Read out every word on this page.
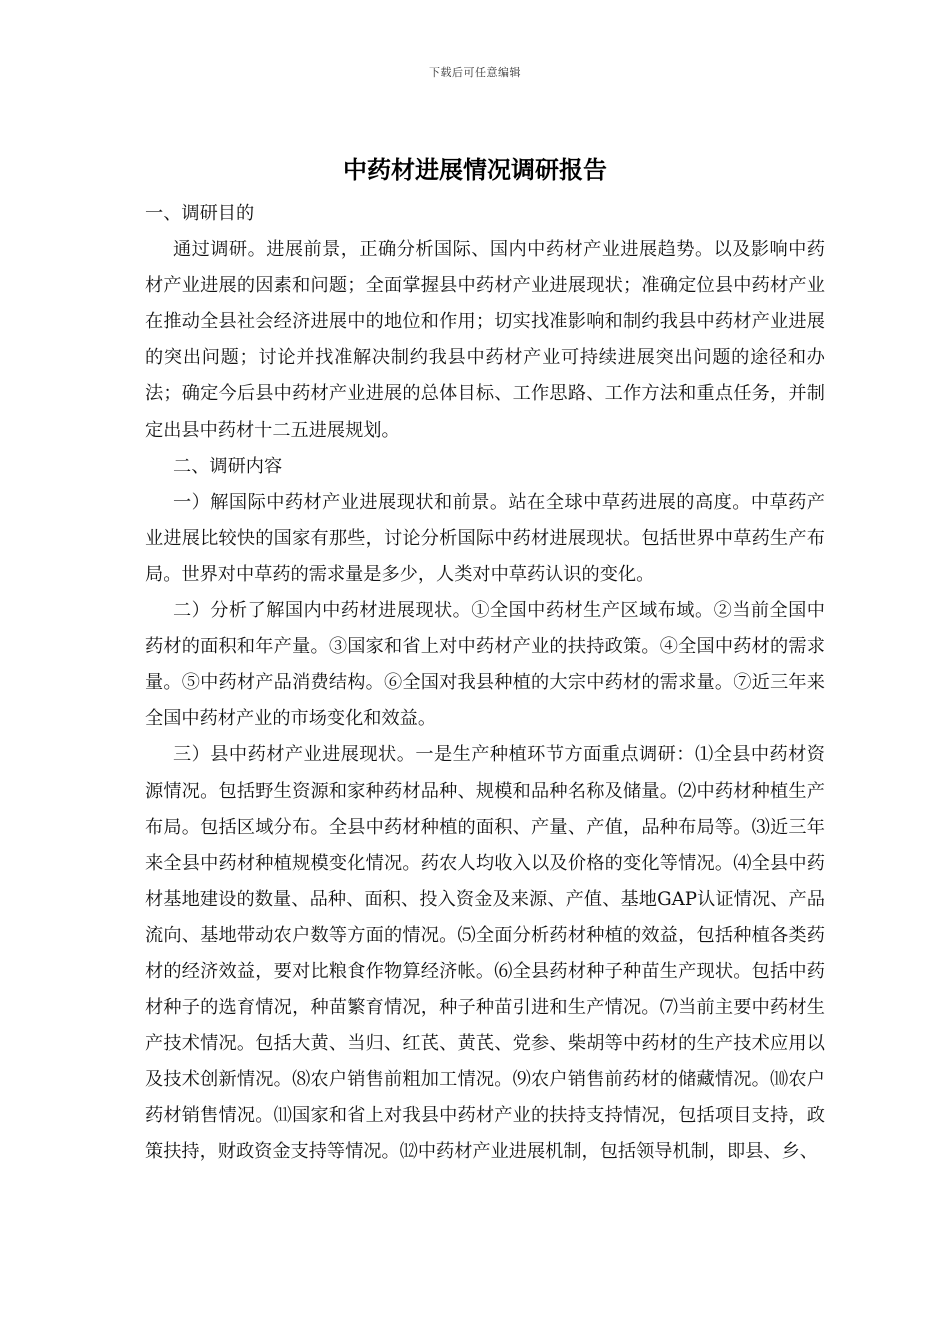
下载后可任意编辑
中药材进展情况调研报告

一、调研目的

通过调研。进展前景，正确分析国际、国内中药材产业进展趋势。以及影响中药材产业进展的因素和问题；全面掌握县中药材产业进展现状；准确定位县中药材产业在推动全县社会经济进展中的地位和作用；切实找准影响和制约我县中药材产业进展的突出问题；讨论并找准解决制约我县中药材产业可持续进展突出问题的途径和办法；确定今后县中药材产业进展的总体目标、工作思路、工作方法和重点任务，并制定出县中药材十二五进展规划。

二、调研内容

一）解国际中药材产业进展现状和前景。站在全球中草药进展的高度。中草药产业进展比较快的国家有那些，讨论分析国际中药材进展现状。包括世界中草药生产布局。世界对中草药的需求量是多少，人类对中草药认识的变化。

二）分析了解国内中药材进展现状。①全国中药材生产区域布域。②当前全国中药材的面积和年产量。③国家和省上对中药材产业的扶持政策。④全国中药材的需求量。⑤中药材产品消费结构。⑥全国对我县种植的大宗中药材的需求量。⑦近三年来全国中药材产业的市场变化和效益。

三）县中药材产业进展现状。一是生产种植环节方面重点调研：⑴全县中药材资源情况。包括野生资源和家种药材品种、规模和品种名称及储量。⑵中药材种植生产布局。包括区域分布。全县中药材种植的面积、产量、产值，品种布局等。⑶近三年来全县中药材种植规模变化情况。药农人均收入以及价格的变化等情况。⑷全县中药材基地建设的数量、品种、面积、投入资金及来源、产值、基地GAP认证情况、产品流向、基地带动农户数等方面的情况。⑸全面分析药材种植的效益，包括种植各类药材的经济效益，要对比粮食作物算经济帐。⑹全县药材种子种苗生产现状。包括中药材种子的选育情况，种苗繁育情况，种子种苗引进和生产情况。⑺当前主要中药材生产技术情况。包括大黄、当归、红芪、黄芪、党参、柴胡等中药材的生产技术应用以及技术创新情况。⑻农户销售前粗加工情况。⑼农户销售前药材的储藏情况。⑽农户药材销售情况。⑾国家和省上对我县中药材产业的扶持支持情况，包括项目支持，政策扶持，财政资金支持等情况。⑿中药材产业进展机制，包括领导机制，即县、乡、
